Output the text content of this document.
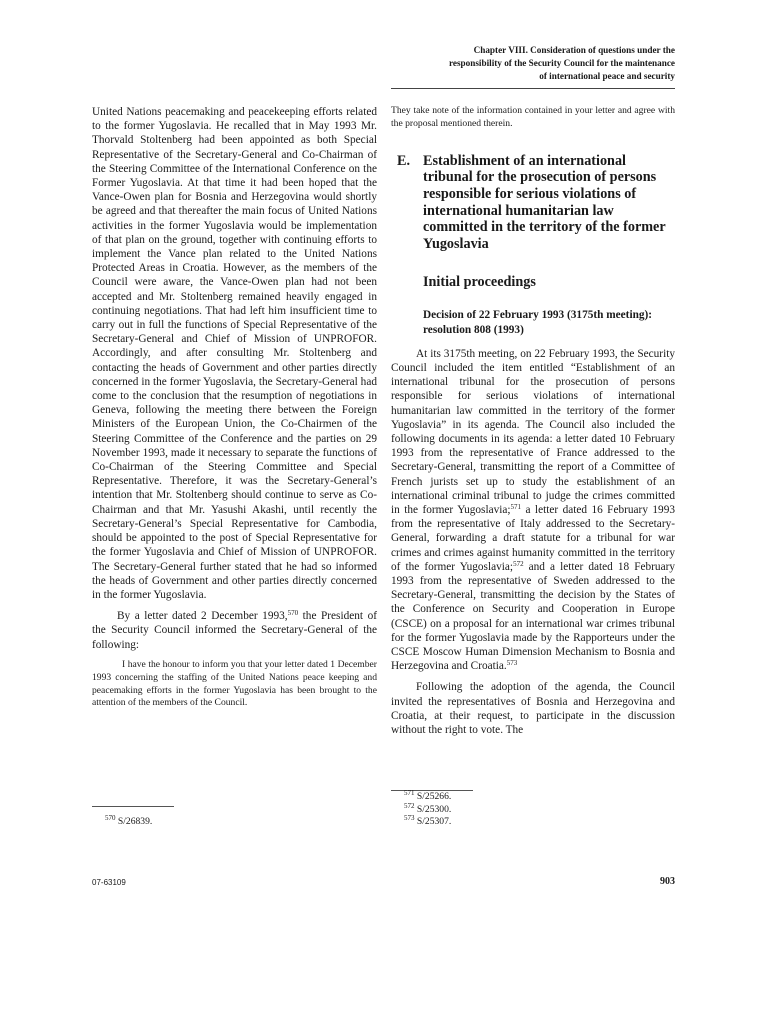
Chapter VIII. Consideration of questions under the
responsibility of the Security Council for the maintenance
of international peace and security

United Nations peacemaking and peacekeeping efforts related to the former Yugoslavia. He recalled that in May 1993 Mr. Thorvald Stoltenberg had been appointed as both Special Representative of the Secretary-General and Co-Chairman of the Steering Committee of the International Conference on the Former Yugoslavia. At that time it had been hoped that the Vance-Owen plan for Bosnia and Herzegovina would shortly be agreed and that thereafter the main focus of United Nations activities in the former Yugoslavia would be implementation of that plan on the ground, together with continuing efforts to implement the Vance plan related to the United Nations Protected Areas in Croatia. However, as the members of the Council were aware, the Vance-Owen plan had not been accepted and Mr. Stoltenberg remained heavily engaged in continuing negotiations. That had left him insufficient time to carry out in full the functions of Special Representative of the Secretary-General and Chief of Mission of UNPROFOR. Accordingly, and after consulting Mr. Stoltenberg and contacting the heads of Government and other parties directly concerned in the former Yugoslavia, the Secretary-General had come to the conclusion that the resumption of negotiations in Geneva, following the meeting there between the Foreign Ministers of the European Union, the Co-Chairmen of the Steering Committee of the Conference and the parties on 29 November 1993, made it necessary to separate the functions of Co-Chairman of the Steering Committee and Special Representative. Therefore, it was the Secretary-General’s intention that Mr. Stoltenberg should continue to serve as Co-Chairman and that Mr. Yasushi Akashi, until recently the Secretary-General’s Special Representative for Cambodia, should be appointed to the post of Special Representative for the former Yugoslavia and Chief of Mission of UNPROFOR. The Secretary-General further stated that he had so informed the heads of Government and other parties directly concerned in the former Yugoslavia.

By a letter dated 2 December 1993,$^{570}$ the President of the Security Council informed the Secretary-General of the following:

I have the honour to inform you that your letter dated 1 December 1993 concerning the staffing of the United Nations peace keeping and peacemaking efforts in the former Yugoslavia has been brought to the attention of the members of the Council.

They take note of the information contained in your letter and agree with the proposal mentioned therein.

E. Establishment of an international tribunal for the prosecution of persons responsible for serious violations of international humanitarian law committed in the territory of the former Yugoslavia
Initial proceedings
Decision of 22 February 1993 (3175th meeting): resolution 808 (1993)

At its 3175th meeting, on 22 February 1993, the Security Council included the item entitled “Establishment of an international tribunal for the prosecution of persons responsible for serious violations of international humanitarian law committed in the territory of the former Yugoslavia” in its agenda. The Council also included the following documents in its agenda: a letter dated 10 February 1993 from the representative of France addressed to the Secretary-General, transmitting the report of a Committee of French jurists set up to study the establishment of an international criminal tribunal to judge the crimes committed in the former Yugoslavia;$^{571}$ a letter dated 16 February 1993 from the representative of Italy addressed to the Secretary-General, forwarding a draft statute for a tribunal for war crimes and crimes against humanity committed in the territory of the former Yugoslavia;$^{572}$ and a letter dated 18 February 1993 from the representative of Sweden addressed to the Secretary-General, transmitting the decision by the States of the Conference on Security and Cooperation in Europe (CSCE) on a proposal for an international war crimes tribunal for the former Yugoslavia made by the Rapporteurs under the CSCE Moscow Human Dimension Mechanism to Bosnia and Herzegovina and Croatia.$^{573}$

Following the adoption of the agenda, the Council invited the representatives of Bosnia and Herzegovina and Croatia, at their request, to participate in the discussion without the right to vote. The

$^{570}$ S/26839.
$^{571}$ S/25266.
$^{572}$ S/25300.
$^{573}$ S/25307.
07-63109	903
